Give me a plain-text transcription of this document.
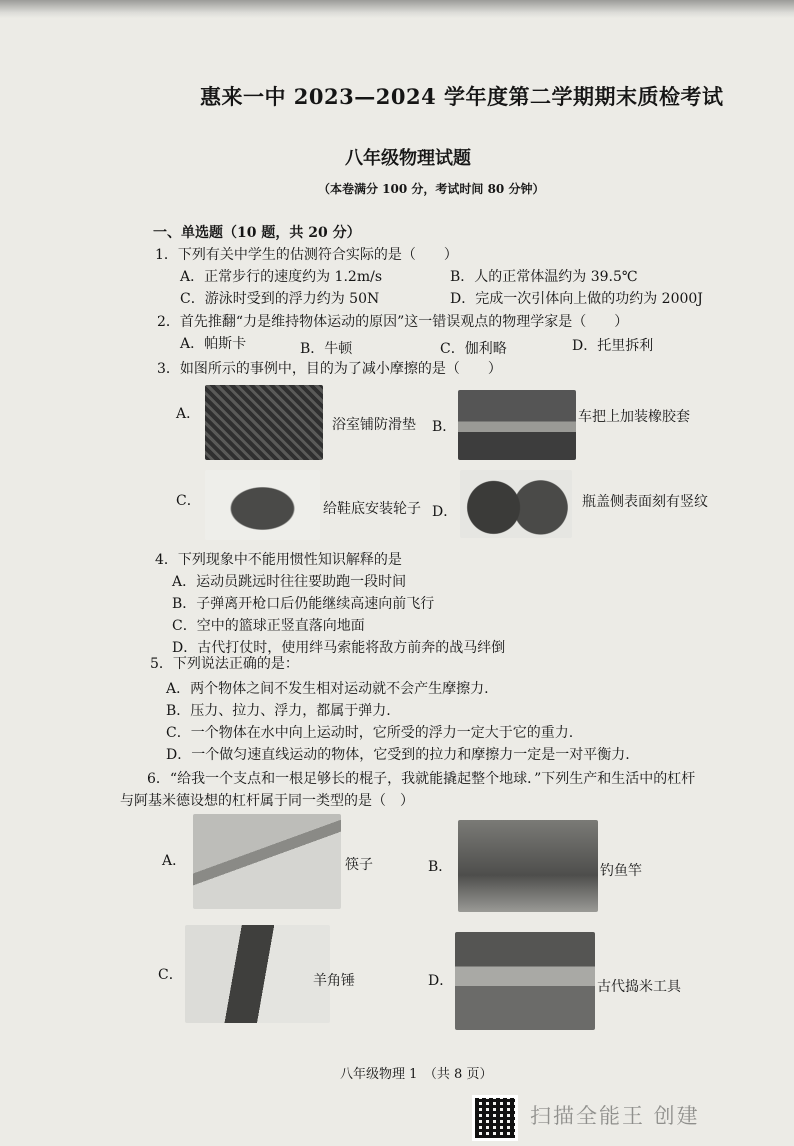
惠来一中 2023—2024 学年度第二学期期末质检考试
八年级物理试题
（本卷满分 100 分，考试时间 80 分钟）
一、单选题（10 题，共 20 分）
1．下列有关中学生的估测符合实际的是（　　）
A．正常步行的速度约为 1.2m/s	B．人的正常体温约为 39.5℃
C．游泳时受到的浮力约为 50N	D．完成一次引体向上做的功约为 2000J
2．首先推翻“力是维持物体运动的原因”这一错误观点的物理学家是（　　）
A．帕斯卡	B．牛顿	C．伽利略	D．托里拆利
3．如图所示的事例中，目的为了减小摩擦的是（　　）
A．
浴室铺防滑垫 B．
车把上加装橡胶套
C．	给鞋底安装轮子 D．
瓶盖侧表面刻有竖纹
4．下列现象中不能用惯性知识解释的是
A．运动员跳远时往往要助跑一段时间
B．子弹离开枪口后仍能继续高速向前飞行
C．空中的篮球正竖直落向地面
D．古代打仗时，使用绊马索能将敌方前奔的战马绊倒
5．下列说法正确的是：
A．两个物体之间不发生相对运动就不会产生摩擦力.
B．压力、拉力、浮力，都属于弹力.
C．一个物体在水中向上运动时，它所受的浮力一定大于它的重力.
D．一个做匀速直线运动的物体，它受到的拉力和摩擦力一定是一对平衡力.
6．“给我一个支点和一根足够长的棍子，我就能撬起整个地球．”下列生产和生活中的杠杆
与阿基米德设想的杠杆属于同一类型的是（　）
A．	筷子	B．	钓鱼竿
C．	羊角锤	D．	古代捣米工具
八年级物理 1　（共 8 页）
扫描全能王 创建
